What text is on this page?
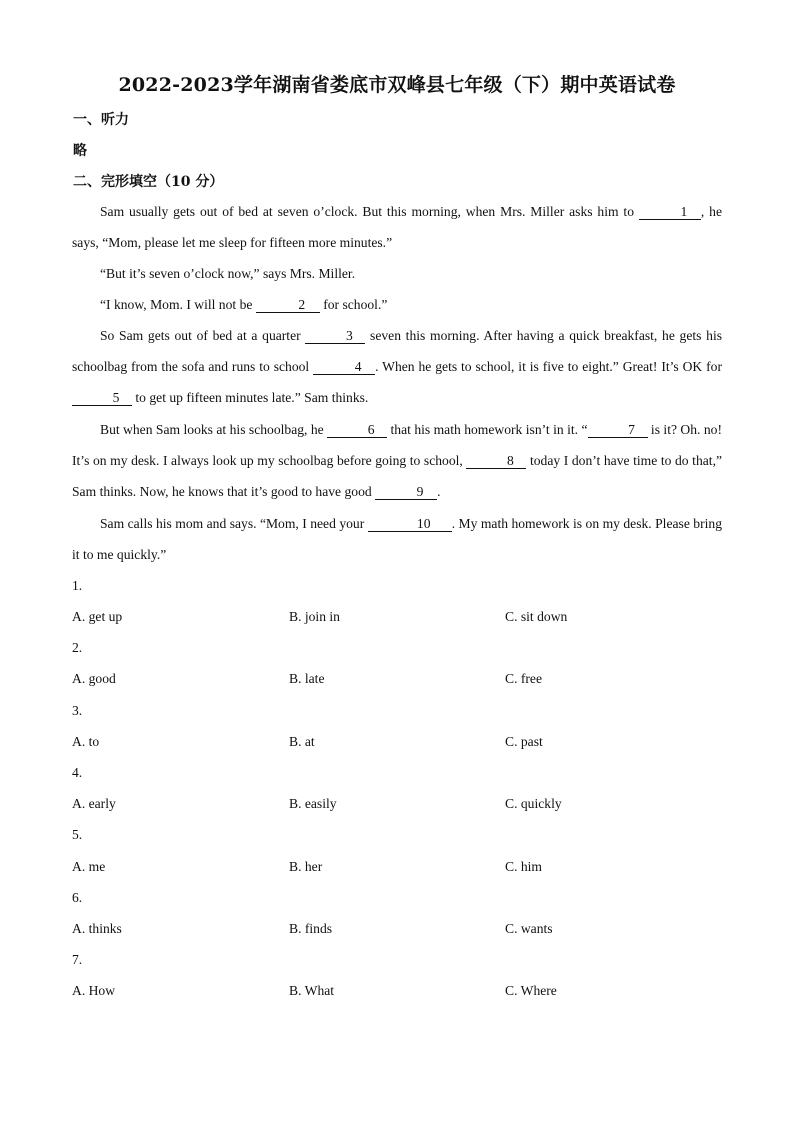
2022-2023学年湖南省娄底市双峰县七年级（下）期中英语试卷
一、听力
略
二、完形填空（10 分）
Sam usually gets out of bed at seven o’clock. But this morning, when Mrs. Miller asks him to	1 , he says, “Mom, please let me sleep for fifteen more minutes.”
“But it’s seven o’clock now,” says Mrs. Miller.
“I know, Mom. I will not be	2 for school.”
So Sam gets out of bed at a quarter	3 seven this morning. After having a quick breakfast, he gets his schoolbag from the sofa and runs to school	4 . When he gets to school, it is five to eight.” Great! It’s OK for 5 to get up fifteen minutes late.” Sam thinks.
But when Sam looks at his schoolbag, he	6 that his math homework isn’t in it. “	7 is it? Oh. no! It’s on my desk. I always look up my schoolbag before going to school,	8 today I don’t have time to do that,” Sam thinks. Now, he knows that it’s good to have good	9 .
Sam calls his mom and says. “Mom, I need your	10 . My math homework is on my desk. Please bring it to me quickly.”
1.
A. get up	B. join in	C. sit down
2.
A. good	B. late	C. free
3.
A. to	B. at	C. past
4.
A. early	B. easily	C. quickly
5.
A. me	B. her	C. him
6.
A. thinks	B. finds	C. wants
7.
A. How	B. What	C. Where
